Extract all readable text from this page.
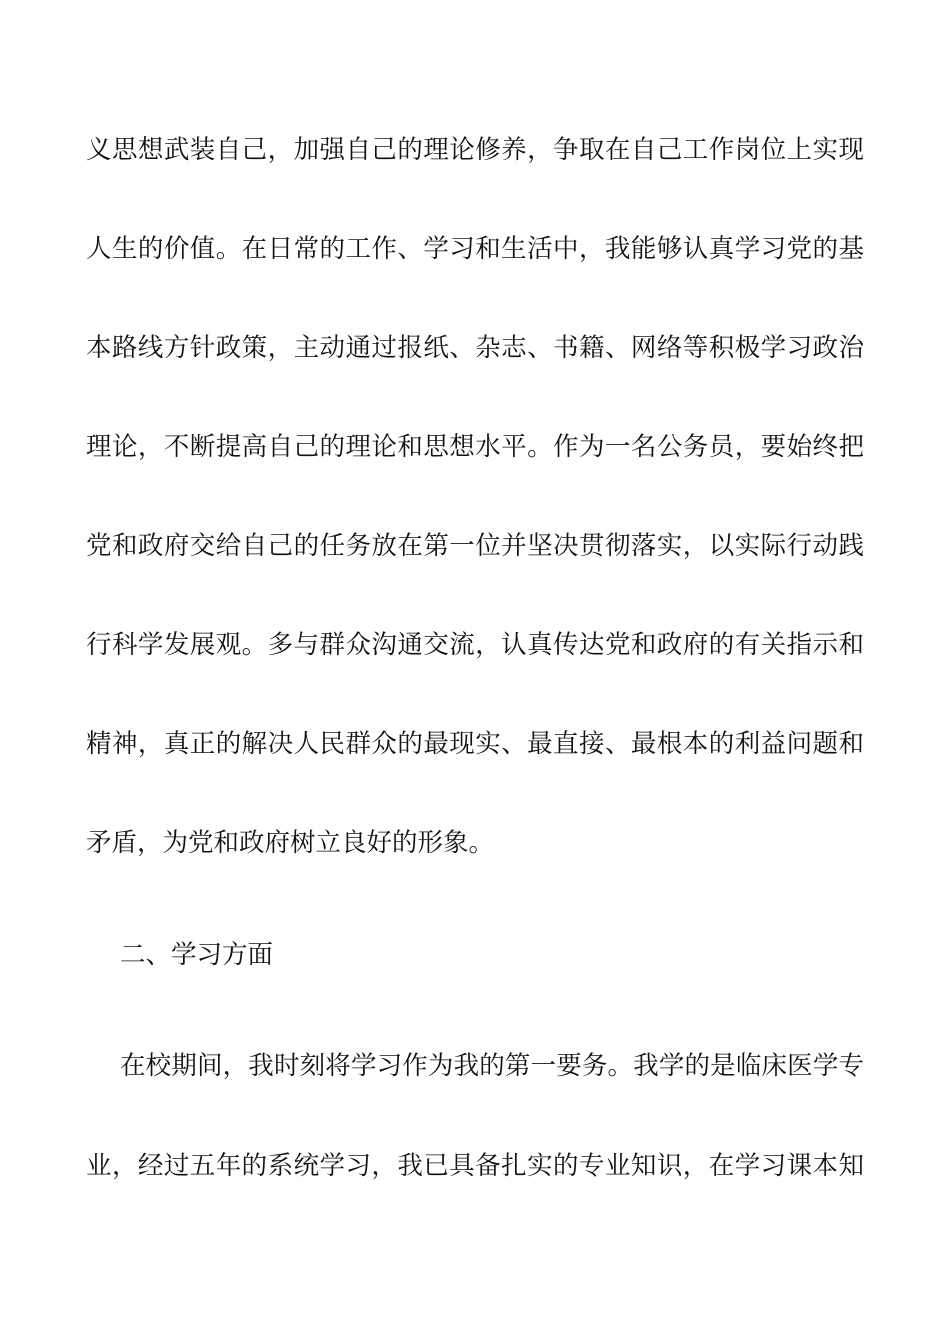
义思想武装自己，加强自己的理论修养，争取在自己工作岗位上实现
人生的价值。在日常的工作、学习和生活中，我能够认真学习党的基
本路线方针政策，主动通过报纸、杂志、书籍、网络等积极学习政治
理论，不断提高自己的理论和思想水平。作为一名公务员，要始终把
党和政府交给自己的任务放在第一位并坚决贯彻落实，以实际行动践
行科学发展观。多与群众沟通交流，认真传达党和政府的有关指示和
精神，真正的解决人民群众的最现实、最直接、最根本的利益问题和
矛盾，为党和政府树立良好的形象。
二、学习方面
在校期间，我时刻将学习作为我的第一要务。我学的是临床医学专
业，经过五年的系统学习，我已具备扎实的专业知识，在学习课本知
